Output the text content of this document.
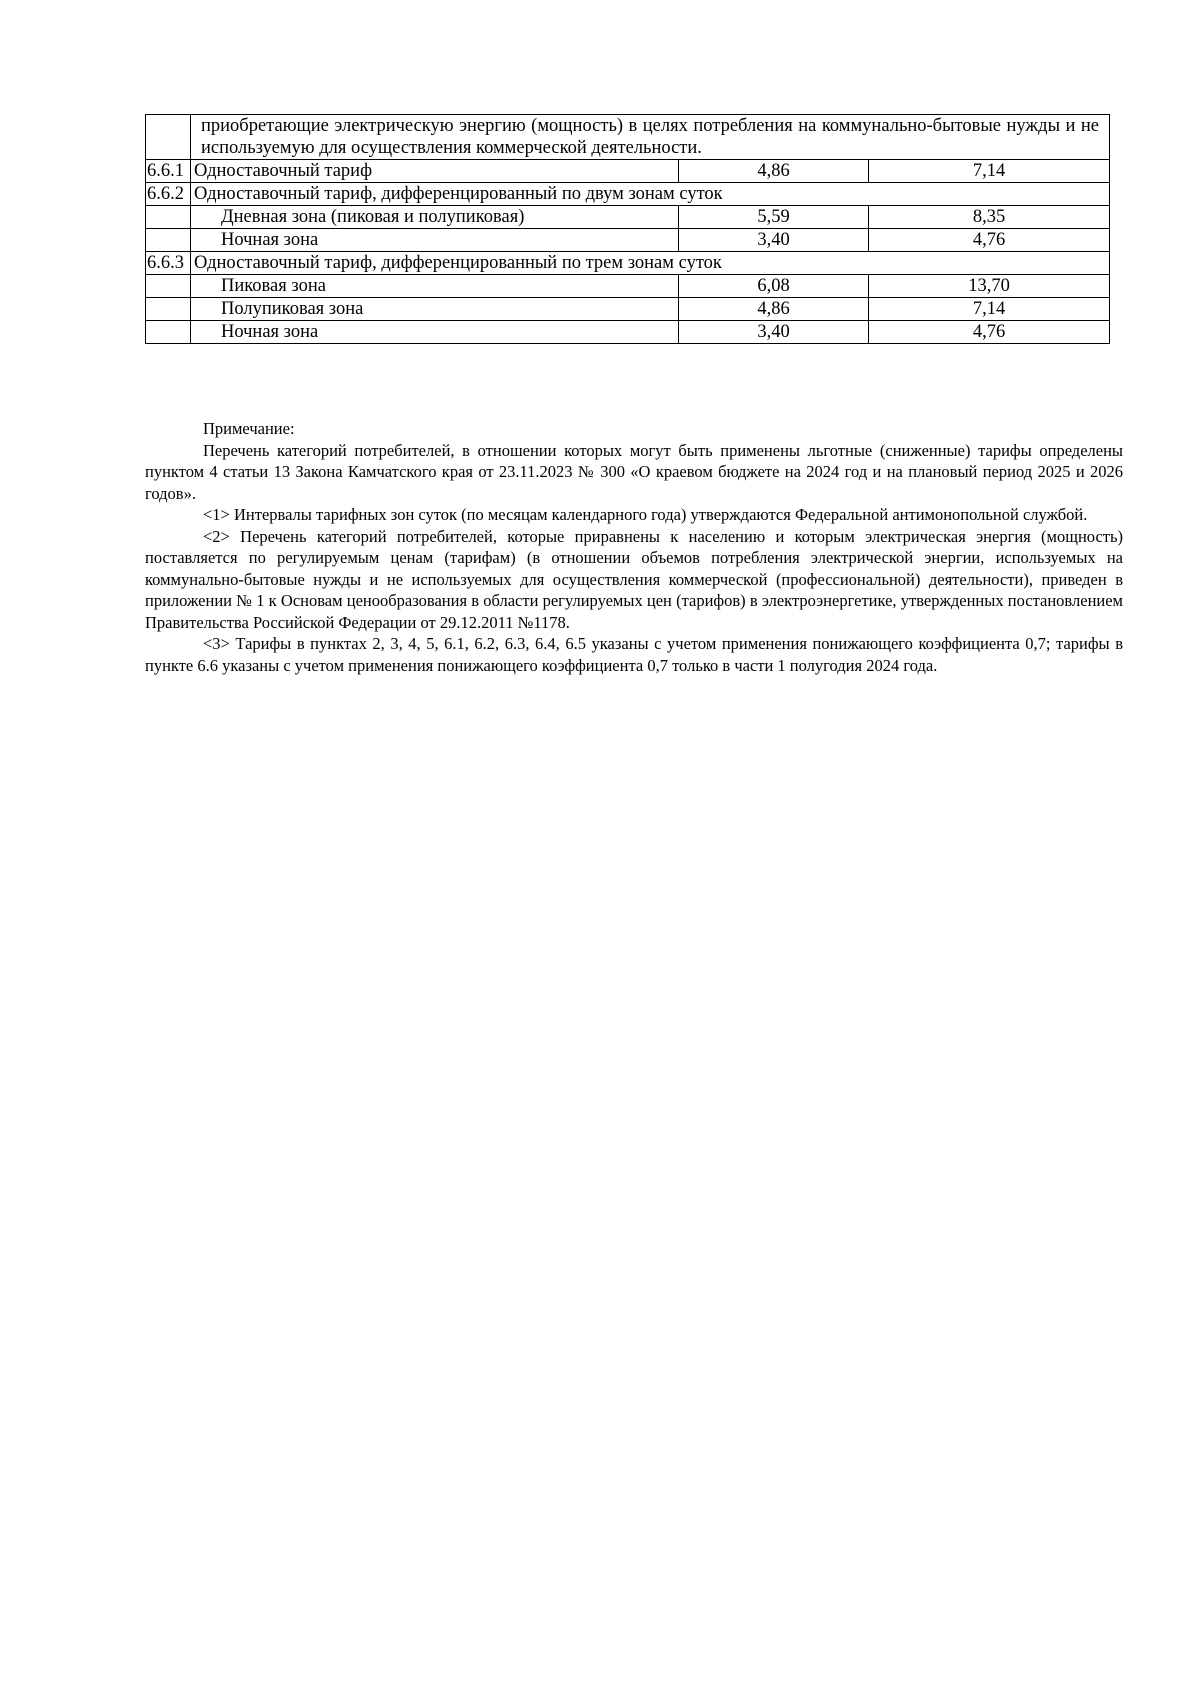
	приобретающие электрическую энергию (мощность) в целях потребления на коммунально-бытовые нужды и не используемую для осуществления коммерческой деятельности.		
6.6.1	Одноставочный тариф	4,86	7,14
6.6.2	Одноставочный тариф, дифференцированный по двум зонам суток		
	Дневная зона (пиковая и полупиковая)	5,59	8,35
	Ночная зона	3,40	4,76
6.6.3	Одноставочный тариф, дифференцированный по трем зонам суток		
	Пиковая зона	6,08	13,70
	Полупиковая зона	4,86	7,14
	Ночная зона	3,40	4,76

Примечание:

Перечень категорий потребителей, в отношении которых могут быть применены льготные (сниженные) тарифы определены пунктом 4 статьи 13 Закона Камчатского края от 23.11.2023 № 300 «О краевом бюджете на 2024 год и на плановый период 2025 и 2026 годов».

<1> Интервалы тарифных зон суток (по месяцам календарного года) утверждаются Федеральной антимонопольной службой.

<2> Перечень категорий потребителей, которые приравнены к населению и которым электрическая энергия (мощность) поставляется по регулируемым ценам (тарифам) (в отношении объемов потребления электрической энергии, используемых на коммунально-бытовые нужды и не используемых для осуществления коммерческой (профессиональной) деятельности), приведен в приложении № 1 к Основам ценообразования в области регулируемых цен (тарифов) в электроэнергетике, утвержденных постановлением Правительства Российской Федерации от 29.12.2011 №1178.

<3> Тарифы в пунктах 2, 3, 4, 5, 6.1, 6.2, 6.3, 6.4, 6.5 указаны с учетом применения понижающего коэффициента 0,7; тарифы в пункте 6.6 указаны с учетом применения понижающего коэффициента 0,7 только в части 1 полугодия 2024 года.
